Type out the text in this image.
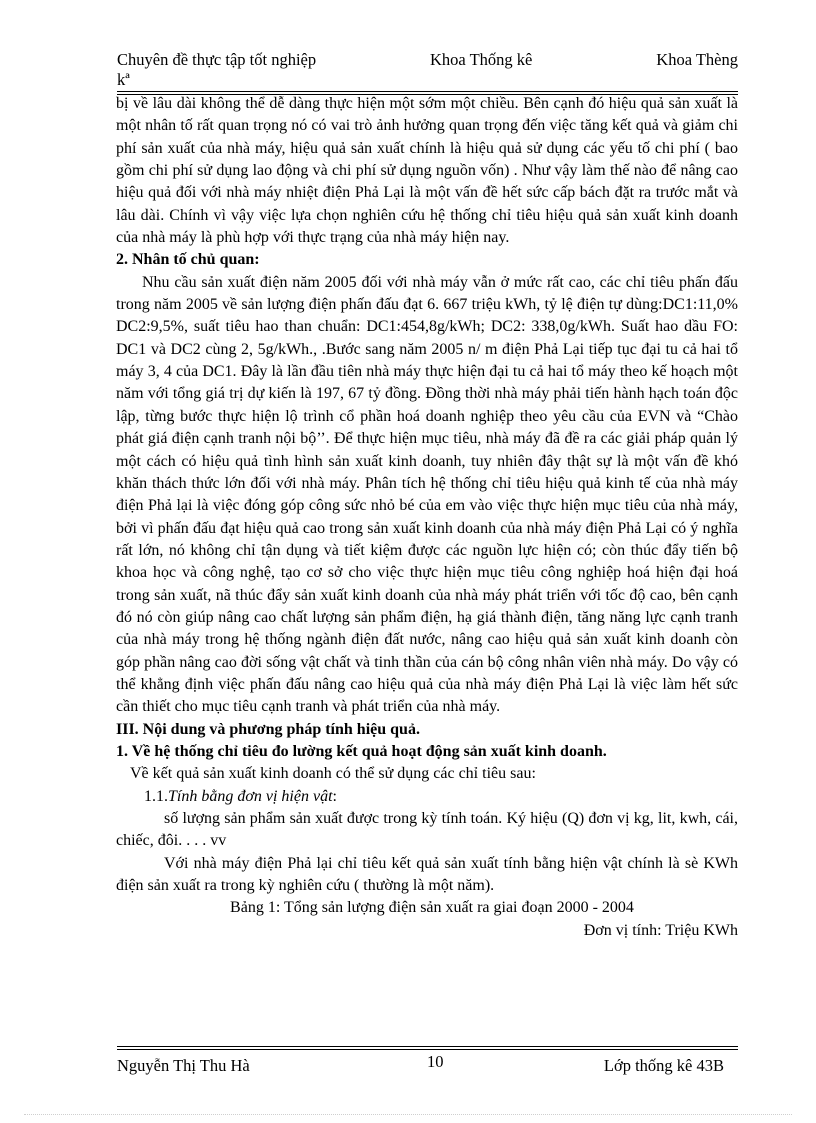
Chuyên đề thực tập tốt nghiệp
kª
Khoa Thống kê	Khoa Thèng

bị về lâu dài không thể dễ dàng thực hiện một sớm một chiều. Bên cạnh đó hiệu quả sản xuất là một nhân tố rất quan trọng nó có vai trò ảnh hưởng quan trọng đến việc tăng kết quả và giảm chi phí sản xuất của nhà máy, hiệu quả sản xuất chính là hiệu quả sử dụng các yếu tố chi phí ( bao gồm chi phí sử dụng lao động và chi phí sử dụng nguồn vốn) . Như vậy làm thế nào để nâng cao hiệu quả đối với nhà máy nhiệt điện Phả Lại là một vấn đề hết sức cấp bách đặt ra trước mắt và lâu dài. Chính vì vậy việc lựa chọn nghiên cứu hệ thống chỉ tiêu hiệu quả sản xuất kinh doanh của nhà máy là phù hợp với thực trạng của nhà máy hiện nay.

2. Nhân tố chủ quan:

Nhu cầu sản xuất điện năm 2005 đối với nhà máy vẫn ở mức rất cao, các chỉ tiêu phấn đấu trong năm 2005 về sản lượng điện phấn đấu đạt 6. 667 triệu kWh, tỷ lệ điện tự dùng:DC1:11,0% DC2:9,5%, suất tiêu hao than chuẩn: DC1:454,8g/kWh; DC2: 338,0g/kWh. Suất hao dầu FO: DC1 và DC2 cùng 2, 5g/kWh., .Bước sang năm 2005 n/ m điện Phả Lại tiếp tục đại tu cả hai tổ máy 3, 4 của DC1. Đây là lần đầu tiên nhà máy thực hiện đại tu cả hai tổ máy theo kế hoạch một năm với tổng giá trị dự kiến là 197, 67 tỷ đồng. Đồng thời nhà máy phải tiến hành hạch toán độc lập, từng bước thực hiện lộ trình cổ phần hoá doanh nghiệp theo yêu cầu của EVN và “Chào phát giá điện cạnh tranh nội bộ’’. Để thực hiện mục tiêu, nhà máy đã đề ra các giải pháp quản lý một cách có hiệu quả tình hình sản xuất kinh doanh, tuy nhiên đây thật sự là một vấn đề khó khăn thách thức lớn đối với nhà máy. Phân tích hệ thống chỉ tiêu hiệu quả kinh tế của nhà máy điện Phả lại là việc đóng góp công sức nhỏ bé của em vào việc thực hiện mục tiêu của nhà máy, bởi vì phấn đấu đạt hiệu quả cao trong sản xuất kinh doanh của nhà máy điện Phả Lại có ý nghĩa rất lớn, nó không chỉ tận dụng và tiết kiệm được các nguồn lực hiện có; còn thúc đẩy tiến bộ khoa học và công nghệ, tạo cơ sở cho việc thực hiện mục tiêu công nghiệp hoá hiện đại hoá trong sản xuất, nã thúc đẩy sản xuất kinh doanh của nhà máy phát triển với tốc độ cao, bên cạnh đó nó còn giúp nâng cao chất lượng sản phẩm điện, hạ giá thành điện, tăng năng lực cạnh tranh của nhà máy trong hệ thống ngành điện đất nước, nâng cao hiệu quả sản xuất kinh doanh còn góp phần nâng cao đời sống vật chất và tinh thần của cán bộ công nhân viên nhà máy. Do vậy có thể khẳng định việc phấn đấu nâng cao hiệu quả của nhà máy điện Phả Lại là việc làm hết sức cần thiết cho mục tiêu cạnh tranh và phát triển của nhà máy.

III. Nội dung và phương pháp tính hiệu quả.

1. Về hệ thống chỉ tiêu đo lường kết quả hoạt động sản xuất kinh doanh.

Về kết quả sản xuất kinh doanh có thể sử dụng các chỉ tiêu sau:

1.1.Tính bằng đơn vị hiện vật:

số lượng sản phẩm sản xuất được trong kỳ tính toán. Ký hiệu (Q) đơn vị kg, lit, kwh, cái, chiếc, đôi. . . . vv

Với nhà máy điện Phả lại chỉ tiêu kết quả sản xuất tính bằng hiện vật chính là sè KWh điện sản xuất ra trong kỳ nghiên cứu ( thường là một năm).

Bảng 1: Tổng sản lượng điện sản xuất ra giai đoạn 2000 - 2004

Đơn vị tính: Triệu KWh

Nguyễn Thị Thu Hà	10	Lớp thống kê 43B
